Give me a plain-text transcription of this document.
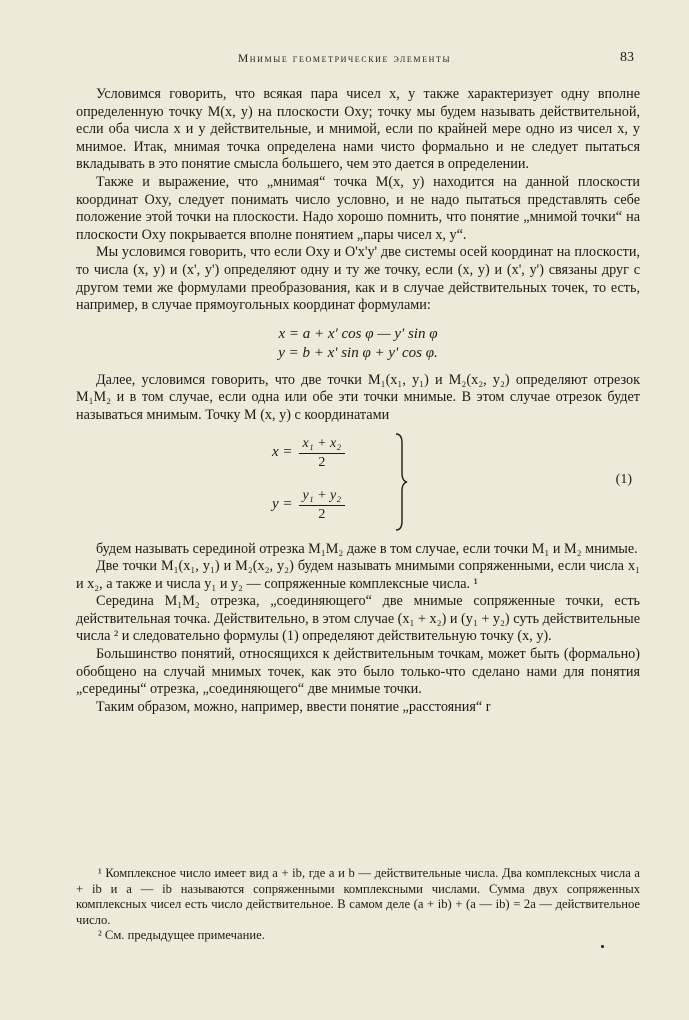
Мнимые геометрические элементы	83

Условимся говорить, что всякая пара чисел x, y также характеризует одну вполне определенную точку M(x, y) на плоскости Oxy; точку мы будем называть действительной, если оба числа x и y действительные, и мнимой, если по крайней мере одно из чисел x, y мнимое. Итак, мнимая точка определена нами чисто формально и не следует пытаться вкладывать в это понятие смысла большего, чем это дается в определении.

Также и выражение, что „мнимая“ точка M(x, y) находится на данной плоскости координат Oxy, следует понимать число условно, и не надо пытаться представлять себе положение этой точки на плоскости. Надо хорошо помнить, что понятие „мнимой точки“ на плоскости Oxy покрывается вполне понятием „пары чисел x, y“.

Мы условимся говорить, что если Oxy и O'x'y' две системы осей координат на плоскости, то числа (x, y) и (x', y') определяют одну и ту же точку, если (x, y) и (x', y') связаны друг с другом теми же формулами преобразования, как и в случае действительных точек, то есть, например, в случае прямоугольных координат формулами:

x = a + x' cos φ — y' sin φ
y = b + x' sin φ + y' cos φ.

Далее, условимся говорить, что две точки M₁(x₁, y₁) и M₂(x₂, y₂) определяют отрезок M₁M₂ и в том случае, если одна или обе эти точки мнимые. В этом случае отрезок будет называться мнимым. Точку M (x, y) с координатами

$x = \frac{\text{x₁ + x₂}}{2}$
$y = \frac{\text{y₁ + y₂}}{2}$
(1)

будем называть серединой отрезка M₁M₂ даже в том случае, если точки M₁ и M₂ мнимые.

Две точки M₁(x₁, y₁) и M₂(x₂, y₂) будем называть мнимыми сопряженными, если числа x₁ и x₂, а также и числа y₁ и y₂ — сопряженные комплексные числа. ¹

Середина M₁M₂ отрезка, „соединяющего“ две мнимые сопряженные точки, есть действительная точка. Действительно, в этом случае (x₁ + x₂) и (y₁ + y₂) суть действительные числа ² и следовательно формулы (1) определяют действительную точку (x, y).

Большинство понятий, относящихся к действительным точкам, может быть (формально) обобщено на случай мнимых точек, как это было только-что сделано нами для понятия „середины“ отрезка, „соединяющего“ две мнимые точки.

Таким образом, можно, например, ввести понятие „расстояния“ r

¹ Комплексное число имеет вид a + ib, где a и b — действительные числа. Два комплексных числа a + ib и a — ib называются сопряженными комплексными числами. Сумма двух сопряженных комплексных чисел есть число действительное. В самом деле (a + ib) + (a — ib) = 2a — действительное число.

² См. предыдущее примечание.
